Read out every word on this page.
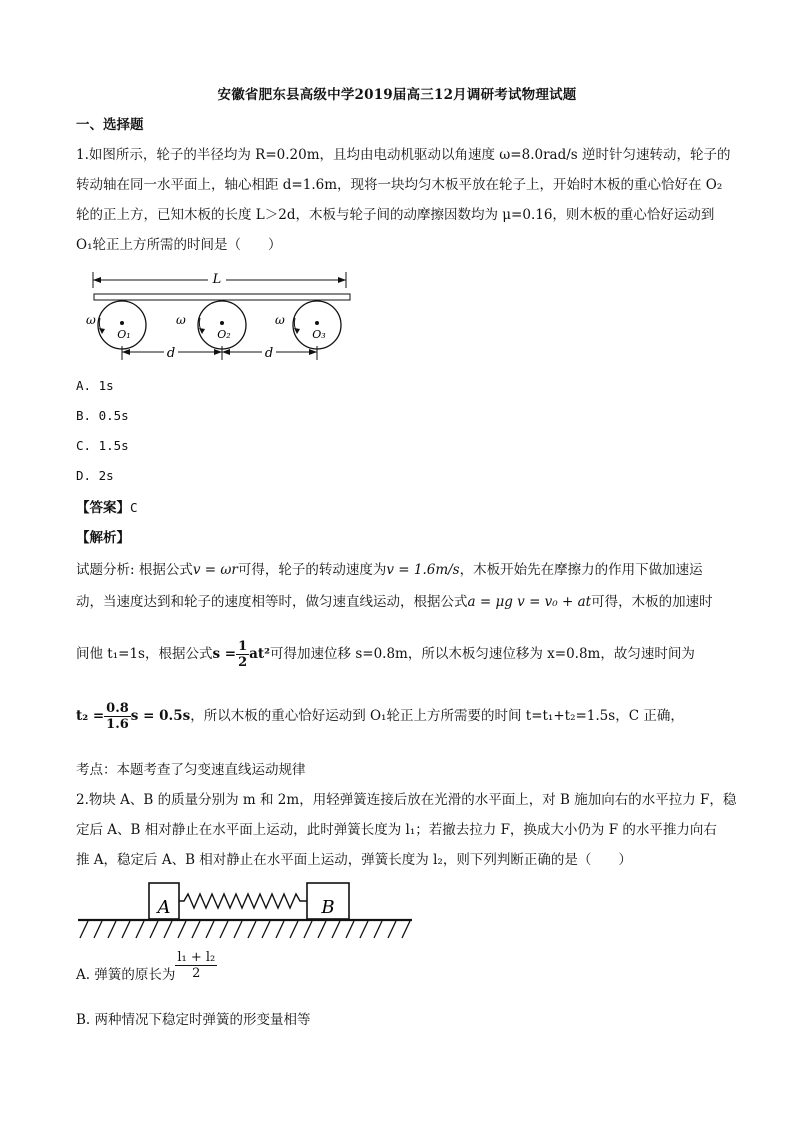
安徽省肥东县高级中学2019届高三12月调研考试物理试题
一、选择题
1.如图所示，轮子的半径均为 R=0.20m，且均由电动机驱动以角速度 ω=8.0rad/s 逆时针匀速转动，轮子的
转动轴在同一水平面上，轴心相距 d=1.6m，现将一块均匀木板平放在轮子上，开始时木板的重心恰好在 O₂
轮的正上方，已知木板的长度 L＞2d，木板与轮子间的动摩擦因数均为 μ=0.16，则木板的重心恰好运动到
O₁轮正上方所需的时间是（　　）
L
O₁	O₂	O₃
ω	ω	ω
d	d
A. 1s
B. 0.5s
C. 1.5s
D. 2s
【答案】C
【解析】
试题分析: 根据公式v = ωr可得，轮子的转动速度为v = 1.6m/s，木板开始先在摩擦力的作用下做加速运
动，当速度达到和轮子的速度相等时，做匀速直线运动，根据公式a = μg v = v₀ + at可得，木板的加速时
间他 t₁=1s，根据公式$s = \frac{1}{2} at^2$可得加速位移 s=0.8m，所以木板匀速位移为 x=0.8m，故匀速时间为
$t_2 = \frac{0.8}{1.6}$ s = 0.5s，所以木板的重心恰好运动到 O₁轮正上方所需要的时间 t=t₁+t₂=1.5s，C 正确，
考点：本题考查了匀变速直线运动规律
2.物块 A、B 的质量分别为 m 和 2m，用轻弹簧连接后放在光滑的水平面上，对 B 施加向右的水平拉力 F，稳
定后 A、B 相对静止在水平面上运动，此时弹簧长度为 l₁；若撤去拉力 F，换成大小仍为 F 的水平推力向右
推 A，稳定后 A、B 相对静止在水平面上运动，弹簧长度为 l₂，则下列判断正确的是（　　）
A	B
A. 弹簧的原长为 $\frac{\text{l₁ + l₂}}{2}$
B. 两种情况下稳定时弹簧的形变量相等
